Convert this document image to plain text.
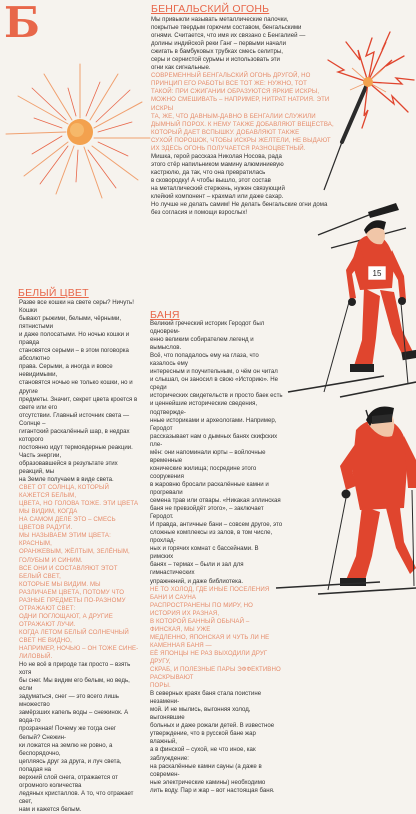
15
Б	БЕНГАЛЬСКИЙ ОГОНЬ

Мы привыкли называть металлические палочки,

покрытые твердым горючим составом, бенгальскими

огнями. Считается, что имя их связано с Бенгалией —

долины индийской реки Ганг – первыми начали

сжигать в бамбуковых трубках смесь селитры,

серы и сернистой сурьмы и использовать эти

огни как сигнальные.

СОВРЕМЕННЫЙ БЕНГАЛЬСКИЙ ОГОНЬ ДРУГОЙ, НО

ПРИНЦИП ЕГО РАБОТЫ ВСЕ ТОТ ЖЕ: НУЖНО, ТОТ

ТАКОЙ: ПРИ СЖИГАНИИ ОБРАЗУЮТСЯ ЯРКИЕ ИСКРЫ,

МОЖНО СМЕШИВАТЬ – НАПРИМЕР, НИТРАТ НАТРИЯ. ЭТИ ИСКРЫ

ТА, ЖЕ, ЧТО ДАВНЫМ-ДАВНО В БЕНГАЛИИ СЛУЖИЛИ

ДЫМНЫЙ ПОРОХ. К НЕМУ ТАКЖЕ ДОБАВЛЯЮТ ВЕЩЕСТВА,

КОТОРЫЙ ДАЕТ ВСПЫШКУ. ДОБАВЛЯЮТ ТАКЖЕ

СУХОЙ ПОРОШОК, ЧТОБЫ ИСКРЫ ЖЕЛТЕЛИ, НЕ ВЫДАЮТ

ИХ ЗДЕСЬ ОГОНЬ ПОЛУЧАЕТСЯ РАЗНОЦВЕТНЫЙ.

Мишка, герой рассказа Николая Носова, рада

этого стёр напильником мамину алюминиевую

кастрюлю, да так, что она превратилась

в сковородку! А чтобы вышло, этот состав

на металлический стержень, нужен связующий

клейкий компонент – крахмал или даже сахар.

Но лучше не делать самим! Не делать бенгальские огни дома

без согласия и помощи взрослых!

БЕЛЫЙ ЦВЕТ

Разве все кошки на свете серы? Ничуть! Кошки

бывают рыжими, белыми, чёрными, пятнистыми

и даже полосатыми. Но ночью кошки и правда

становятся серыми – в этом поговорка абсолютно

права. Серыми, а иногда и вовсе невидимыми,

становятся ночью не только кошки, но и другие

предметы. Значит, секрет цвета кроется в свете или его

отсутствии. Главный источник света — Солнце –

гигантский раскалённый шар, в недрах которого

постоянно идут термоядерные реакции. Часть энергии,

образовавшейся в результате этих реакций, мы

на Земле получаем в виде света.

СВЕТ ОТ СОЛНЦА, КОТОРЫЙ КАЖЕТСЯ БЕЛЫМ,

ЦВЕТА, НО ГОЛОВА ТОЖЕ. ЭТИ ЦВЕТА МЫ ВИДИМ, КОГДА

НА САМОМ ДЕЛЕ ЭТО – СМЕСЬ ЦВЕТОВ РАДУГИ.

МЫ НАЗЫВАЕМ ЭТИМ ЦВЕТА: КРАСНЫМ,

ОРАНЖЕВЫМ, ЖЁЛТЫМ, ЗЕЛЁНЫМ, ГОЛУБЫМ И СИНИМ.

ВСЕ ОНИ И СОСТАВЛЯЮТ ЭТОТ БЕЛЫЙ СВЕТ,

КОТОРЫЕ МЫ ВИДИМ. МЫ РАЗЛИЧАЕМ ЦВЕТА, ПОТОМУ ЧТО

РАЗНЫЕ ПРЕДМЕТЫ ПО-РАЗНОМУ ОТРАЖАЮТ СВЕТ:

ОДНИ ПОГЛОЩАЮТ, А ДРУГИЕ ОТРАЖАЮТ ЛУЧИ.

КОГДА ЛЕТОМ БЕЛЫЙ СОЛНЕЧНЫЙ СВЕТ НЕ ВИДНО,

НАПРИМЕР, НОЧЬЮ – ОН ТОЖЕ СИНЕ-ЛИЛОВЫЙ.

Но не всё в природе так просто – взять хотя

бы снег. Мы видим его белым, но ведь, если

задуматься, снег — это всего лишь множество

замёрзших капель воды – снежинок. А вода-то

прозрачная! Почему же тогда снег белый? Снежин-

ки ложатся на землю не ровно, а беспорядочно,

цепляясь друг за друга, и луч света, попадая на

верхний слой снега, отражается от огромного количества

ледяных кристаллов. А то, что отражает свет,

нам и кажется белым.

БАНЯ

Великий греческий историк Геродот был одноврем-

енно великим собирателем легенд и вымыслов.

Всё, что попадалось ему на глаза, что казалось ему

интересным и поучительным, о чём он читал

и слышал, он заносил в свою «Историю». Не среди

исторических свидетельств и просто баек есть

и ценнейшие исторические сведения, подтвержде-

нные историками и археологами. Например, Геродот

рассказывает нам о дымных банях скифских пле-

мён: они напоминали юрты – войлочные временные

конические жилища; посредине этого сооружения

в жаровню бросали раскалённые камни и прогревали

семена трав или отвары. «Никакая эллинская

баня не превзойдёт этого», – заключает Геродот.

И правда, античные бани – совсем другое, это

сложные комплексы из залов, в том числе, прохлад-

ных и горячих комнат с бассейнами. В римских

банях – термах – были и зал для гимнастических

упражнений, и даже библиотека.

НЕ ТО ХОЛОД, ГДЕ ИНЫЕ ПОСЕЛЕНИЯ БАНИ И САУНА

РАСПРОСТРАНЕНЫ ПО МИРУ, НО ИСТОРИЯ ИХ РАЗНАЯ,

В КОТОРОЙ БАННЫЙ ОБЫЧАЙ – ФИНСКАЯ, МЫ УЖЕ

МЕДЛЕННО, ЯПОНСКАЯ И ЧУТЬ ЛИ НЕ КАМЕННАЯ БАНЯ —

ЕЁ ЯПОНЦЫ НЕ РАЗ ВЫХОДИЛИ ДРУГ ДРУГУ,

СКРАБ, И ПОЛЕЗНЫЕ ПАРЫ ЭФФЕКТИВНО РАСКРЫВАЮТ

ПОРЫ.

В северных краях баня стала поистине незамени-

мой. И не мылись, выгонняя холод, выгонявшие

больных и даже рожали детей. В известное

утверждение, что в русской бане жар влажный,

а в финской – сухой, не что иное, как заблуждение:

на раскалённые камни сауны (а даже в современ-

ные электрические камины) необходимо

лить воду. Пар и жар – вот настоящая баня.
